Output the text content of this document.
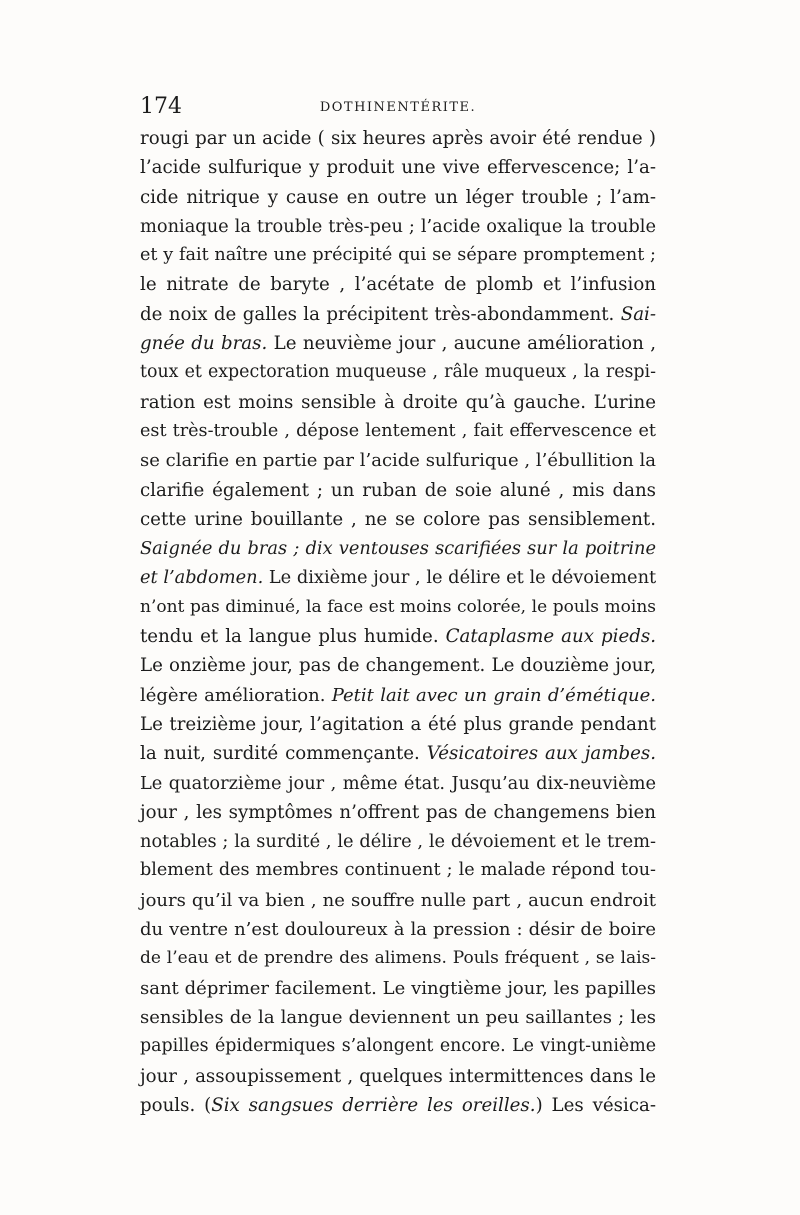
174	DOTHINENTÉRITE.
rougi par un acide ( six heures après avoir été rendue )
l’acide sulfurique y produit une vive effervescence; l’a-
cide nitrique y cause en outre un léger trouble ; l’am-
moniaque la trouble très-peu ; l’acide oxalique la trouble
et y fait naître une précipité qui se sépare promptement ;
le nitrate de baryte , l’acétate de plomb et l’infusion
de noix de galles la précipitent très-abondamment. Sai-
gnée du bras. Le neuvième jour , aucune amélioration ,
toux et expectoration muqueuse , râle muqueux , la respi-
ration est moins sensible à droite qu’à gauche. L’urine
est très-trouble , dépose lentement , fait effervescence et
se clarifie en partie par l’acide sulfurique , l’ébullition la
clarifie également ; un ruban de soie aluné , mis dans
cette urine bouillante , ne se colore pas sensiblement.
Saignée du bras ; dix ventouses scarifiées sur la poitrine
et l’abdomen. Le dixième jour , le délire et le dévoiement
n’ont pas diminué, la face est moins colorée, le pouls moins
tendu et la langue plus humide. Cataplasme aux pieds.
Le onzième jour, pas de changement. Le douzième jour,
légère amélioration. Petit lait avec un grain d’émétique.
Le treizième jour, l’agitation a été plus grande pendant
la nuit, surdité commençante. Vésicatoires aux jambes.
Le quatorzième jour , même état. Jusqu’au dix-neuvième
jour , les symptômes n’offrent pas de changemens bien
notables ; la surdité , le délire , le dévoiement et le trem-
blement des membres continuent ; le malade répond tou-
jours qu’il va bien , ne souffre nulle part , aucun endroit
du ventre n’est douloureux à la pression : désir de boire
de l’eau et de prendre des alimens. Pouls fréquent , se lais-
sant déprimer facilement. Le vingtième jour, les papilles
sensibles de la langue deviennent un peu saillantes ; les
papilles épidermiques s’alongent encore. Le vingt-unième
jour , assoupissement , quelques intermittences dans le
pouls. (Six sangsues derrière les oreilles.) Les vésica-
